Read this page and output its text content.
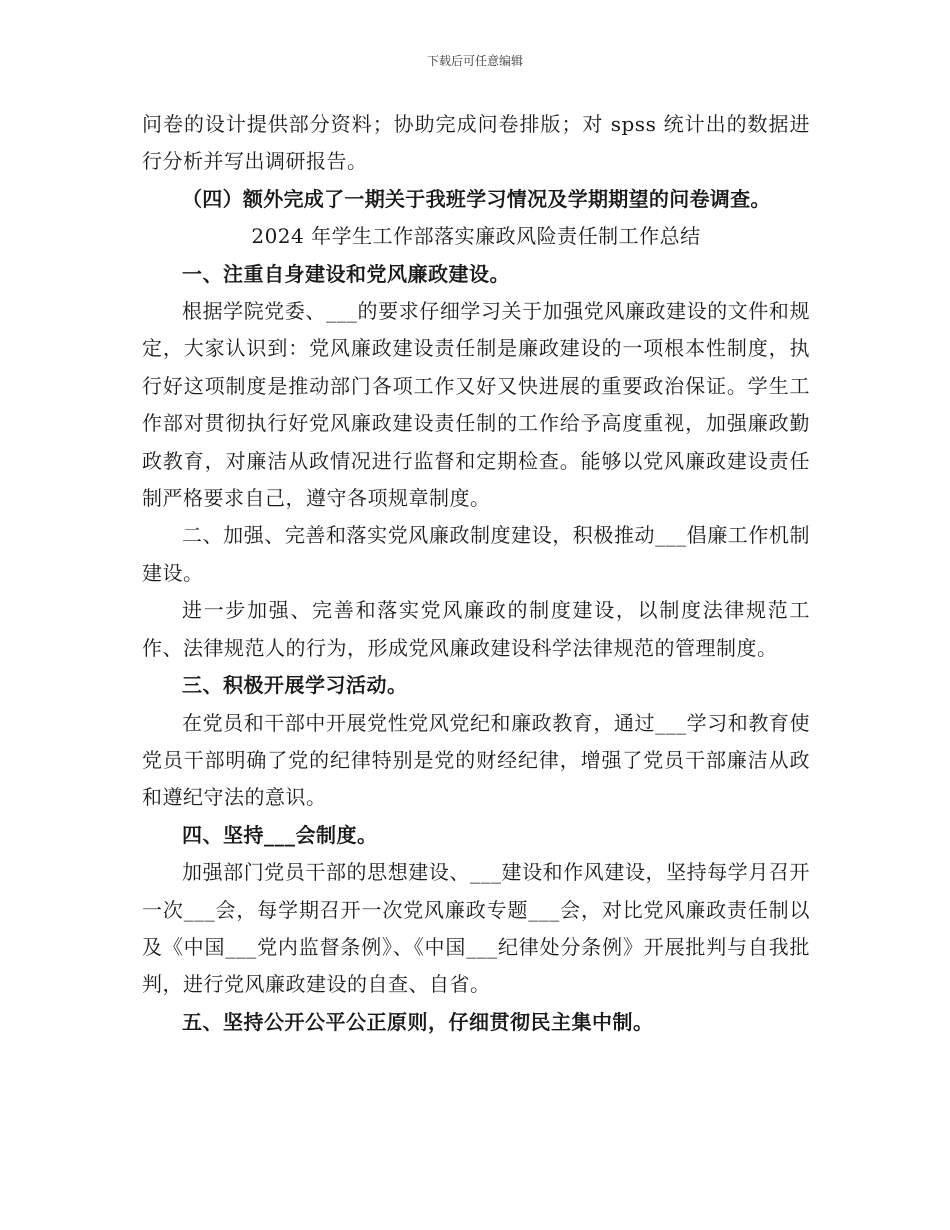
下载后可任意编辑

问卷的设计提供部分资料；协助完成问卷排版；对 spss 统计出的数据进行分析并写出调研报告。

（四）额外完成了一期关于我班学习情况及学期期望的问卷调查。

2024 年学生工作部落实廉政风险责任制工作总结

一、注重自身建设和党风廉政建设。

根据学院党委、___的要求仔细学习关于加强党风廉政建设的文件和规定，大家认识到：党风廉政建设责任制是廉政建设的一项根本性制度，执行好这项制度是推动部门各项工作又好又快进展的重要政治保证。学生工作部对贯彻执行好党风廉政建设责任制的工作给予高度重视，加强廉政勤政教育，对廉洁从政情况进行监督和定期检查。能够以党风廉政建设责任制严格要求自己，遵守各项规章制度。

二、加强、完善和落实党风廉政制度建设，积极推动___倡廉工作机制建设。

进一步加强、完善和落实党风廉政的制度建设，以制度法律规范工作、法律规范人的行为，形成党风廉政建设科学法律规范的管理制度。

三、积极开展学习活动。

在党员和干部中开展党性党风党纪和廉政教育，通过___学习和教育使党员干部明确了党的纪律特别是党的财经纪律，增强了党员干部廉洁从政和遵纪守法的意识。

四、坚持___会制度。

加强部门党员干部的思想建设、___建设和作风建设，坚持每学月召开一次___会，每学期召开一次党风廉政专题___会，对比党风廉政责任制以及《中国___党内监督条例》、《中国___纪律处分条例》开展批判与自我批判，进行党风廉政建设的自查、自省。

五、坚持公开公平公正原则，仔细贯彻民主集中制。
